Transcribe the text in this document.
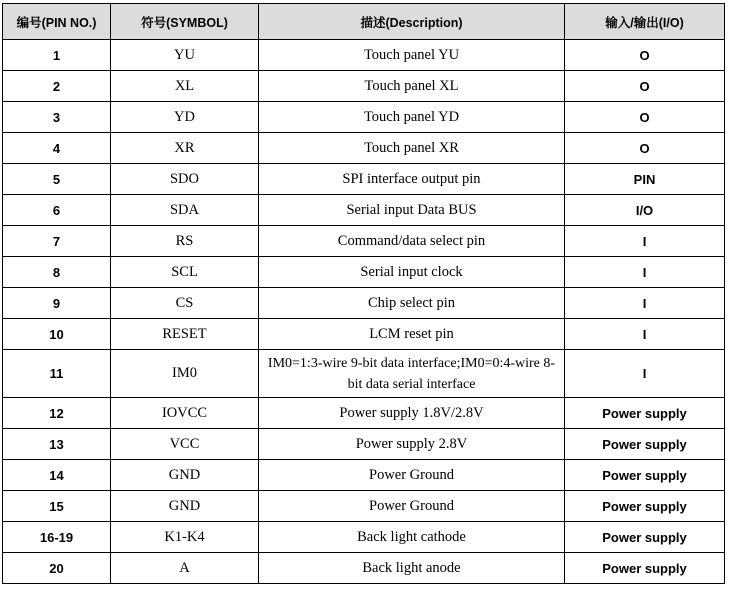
编号(PIN NO.)	符号(SYMBOL)	描述(Description)	输入/输出(I/O)
1	YU	Touch panel YU	O
2	XL	Touch panel XL	O
3	YD	Touch panel YD	O
4	XR	Touch panel XR	O
5	SDO	SPI interface output pin	PIN
6	SDA	Serial input Data BUS	I/O
7	RS	Command/data select pin	I
8	SCL	Serial input clock	I
9	CS	Chip select pin	I
10	RESET	LCM reset pin	I
11	IM0	IM0=1:3-wire 9-bit data interface;IM0=0:4-wire 8-bit data serial interface	I
12	IOVCC	Power supply 1.8V/2.8V	Power supply
13	VCC	Power supply 2.8V	Power supply
14	GND	Power Ground	Power supply
15	GND	Power Ground	Power supply
16-19	K1-K4	Back light cathode	Power supply
20	A	Back light anode	Power supply
